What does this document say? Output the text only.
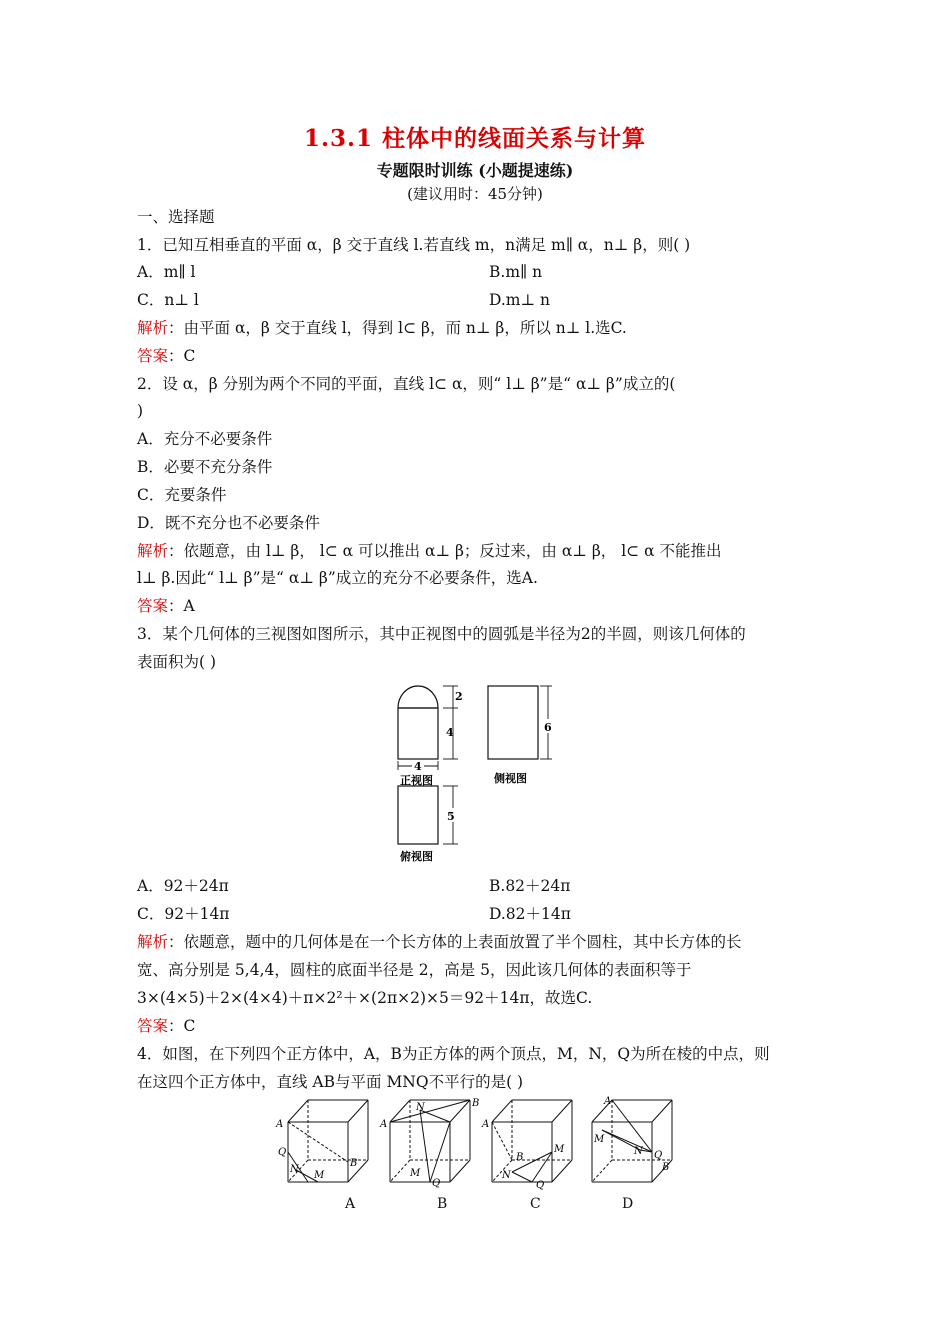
1.3.1 柱体中的线面关系与计算
专题限时训练 (小题提速练)
(建议用时：45分钟)
一、选择题
1．已知互相垂直的平面 α，β 交于直线 l.若直线 m，n满足 m∥ α，n⊥ β，则( )
A．m∥ l	B.m∥ n
C．n⊥ l	D.m⊥ n
解析：由平面 α，β 交于直线 l，得到 l⊂ β，而 n⊥ β，所以 n⊥ l.选C.
答案：C
2．设 α，β 分别为两个不同的平面，直线 l⊂ α，则“ l⊥ β”是“ α⊥ β”成立的(
)
A．充分不必要条件
B．必要不充分条件
C．充要条件
D．既不充分也不必要条件
解析：依题意，由 l⊥ β， l⊂ α 可以推出 α⊥ β；反过来，由 α⊥ β， l⊂ α 不能推出
l⊥ β.因此“ l⊥ β”是“ α⊥ β”成立的充分不必要条件，选A.
答案：A
3．某个几何体的三视图如图所示，其中正视图中的圆弧是半径为2的半圆，则该几何体的
表面积为( )
2
4
4
正视图
6
侧视图
5
俯视图
A．92＋24π	B.82＋24π
C．92＋14π	D.82＋14π
解析：依题意，题中的几何体是在一个长方体的上表面放置了半个圆柱，其中长方体的长
宽、高分别是 5,4,4，圆柱的底面半径是 2，高是 5，因此该几何体的表面积等于
3×(4×5)＋2×(4×4)＋π×2²＋×(2π×2)×5＝92＋14π，故选C.
答案：C
4．如图，在下列四个正方体中，A，B为正方体的两个顶点，M，N，Q为所在棱的中点，则
在这四个正方体中，直线 AB与平面 MNQ不平行的是( )
A
Q
N
M
B
A
N	B
M
Q
A
M
B
N
Q
A
M
N Q
B
A	B	C	D
